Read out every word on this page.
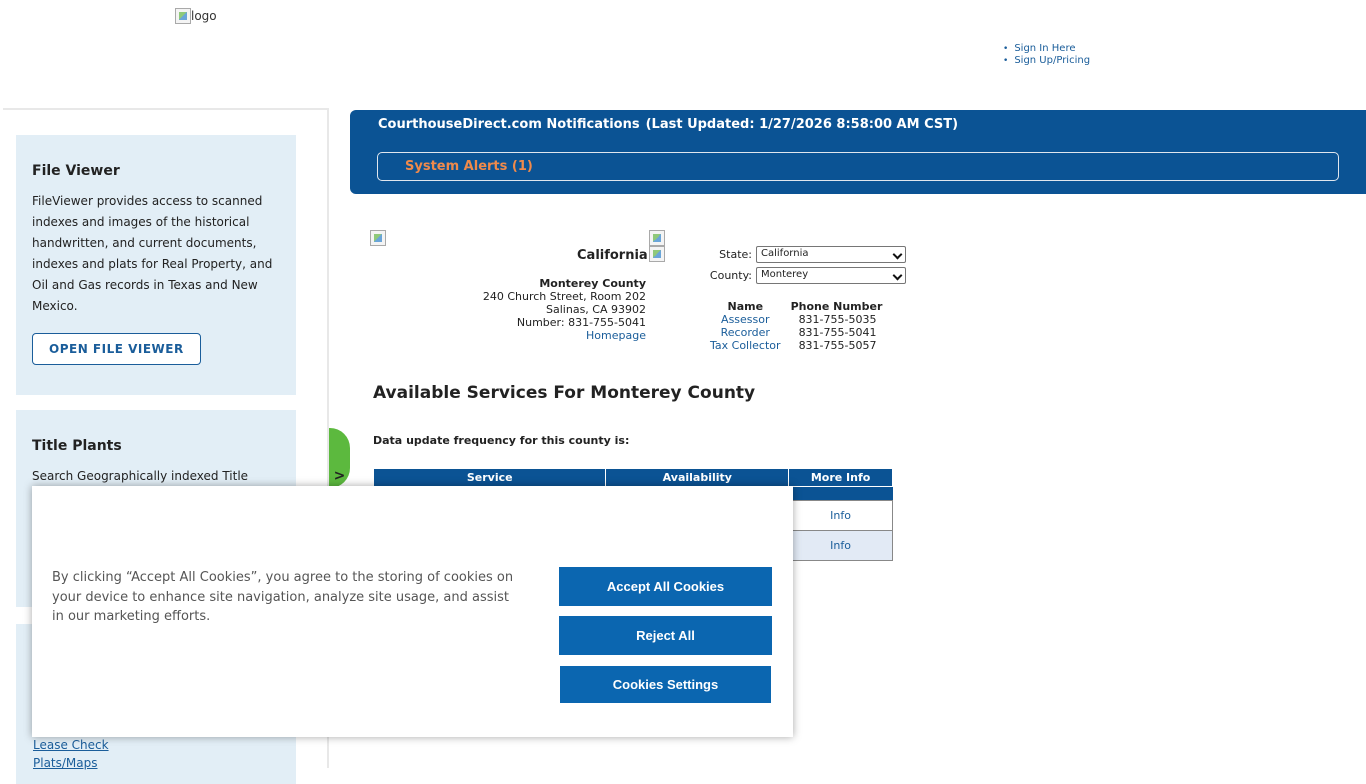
logo
• Sign In Here
• Sign Up/Pricing
File Viewer

FileViewer provides access to scanned indexes and images of the historical handwritten, and current documents, indexes and plats for Real Property, and Oil and Gas records in Texas and New Mexico.

OPEN FILE VIEWER
Title Plants

Search Geographically indexed Title

Lease Check
Plats/Maps
>
CourthouseDirect.com Notifications (Last Updated: 1/27/2026 8:58:00 AM CST)
System Alerts (1)
California
Monterey County
240 Church Street, Room 202
Salinas, CA 93902
Number: 831-755-5041
Homepage
State: California
County: Monterey
Name	Phone Number
Assessor	831-755-5035
Recorder	831-755-5041
Tax Collector	831-755-5057
Available Services For Monterey County
Data update frequency for this county is:
Service	Availability	More Info

		Info
		Info
By clicking “Accept All Cookies”, you agree to the storing of cookies on your device to enhance site navigation, analyze site usage, and assist in our marketing efforts.
Accept All Cookies
Reject All
Cookies Settings
